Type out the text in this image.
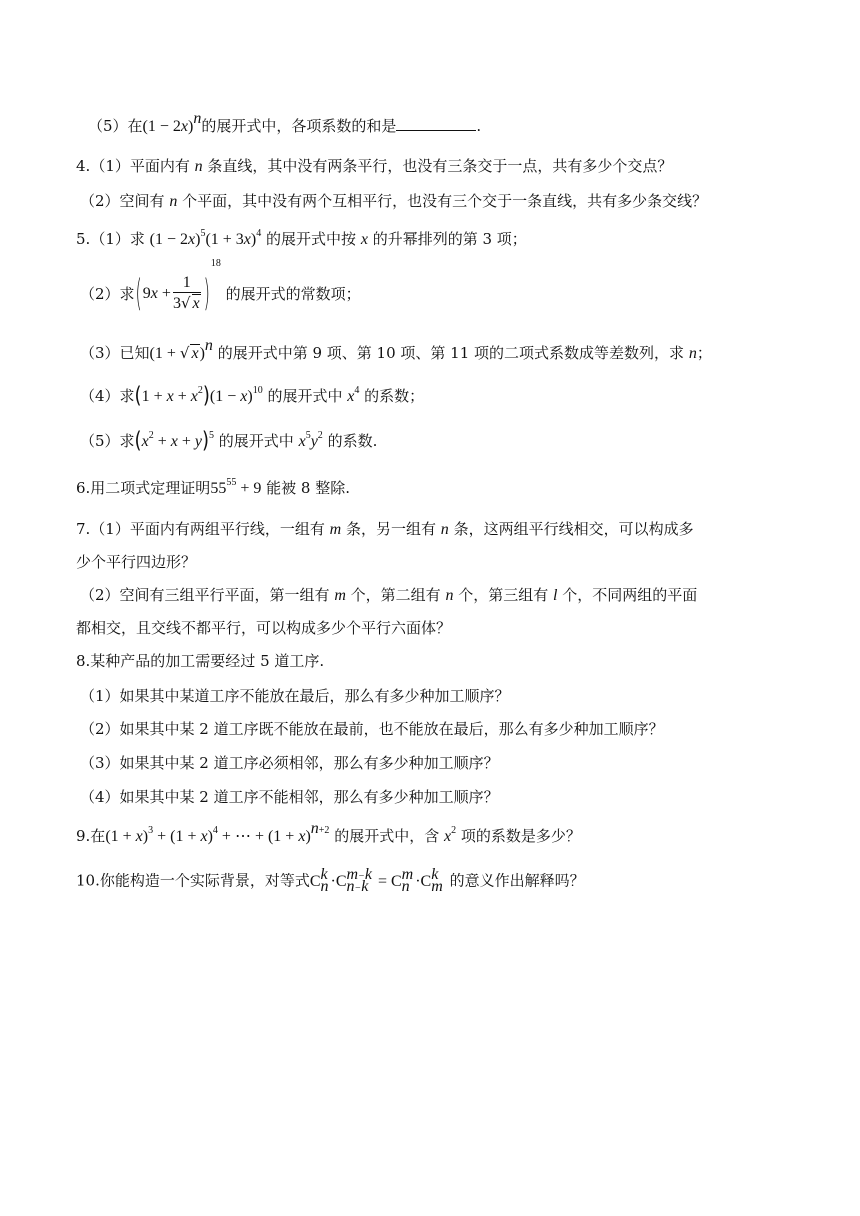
（5）在$(1 - 2x)^n$的展开式中，各项系数的和是	.
4.（1）平面内有 n 条直线，其中没有两条平行，也没有三条交于一点，共有多少个交点？
（2）空间有 n 个平面，其中没有两个互相平行，也没有三个交于一条直线，共有多少条交线？
5.（1）求 $(1 - 2x)^5(1 + 3x)^4$ 的展开式中按 x 的升幂排列的第 3 项；
（2）求$(9x + \frac{1}{3√ x} )^{18}$ 的展开式的常数项；
（3）已知(1 + √ x)$^n$ 的展开式中第 9 项、第 10 项、第 11 项的二项式系数成等差数列，求 n；
（4）求$(1 + x + x^2)(1 - x)^{10}$ 的展开式中 $x^4$ 的系数；
（5）求$(x^2 + x + y)^5$ 的展开式中 $x^5y^2$ 的系数.
6.用二项式定理证明$55^{55} + 9$ 能被 8 整除.
7.（1）平面内有两组平行线，一组有 m 条，另一组有 n 条，这两组平行线相交，可以构成多
少个平行四边形？
（2）空间有三组平行平面，第一组有 m 个，第二组有 n 个，第三组有 l 个，不同两组的平面
都相交，且交线不都平行，可以构成多少个平行六面体？
8.某种产品的加工需要经过 5 道工序.
（1）如果其中某道工序不能放在最后，那么有多少种加工顺序？
（2）如果其中某 2 道工序既不能放在最前，也不能放在最后，那么有多少种加工顺序？
（3）如果其中某 2 道工序必须相邻，那么有多少种加工顺序？
（4）如果其中某 2 道工序不能相邻，那么有多少种加工顺序？
9.在$(1 + x)^3 + (1 + x)^4$ + ⋯ + $(1 + x)^{n+2}$ 的展开式中，含 $x^2$ 项的系数是多少？
10.你能构造一个实际背景，对等式C k
n ·C m−k
n−k = C m
n ·C k
m 的意义作出解释吗？
